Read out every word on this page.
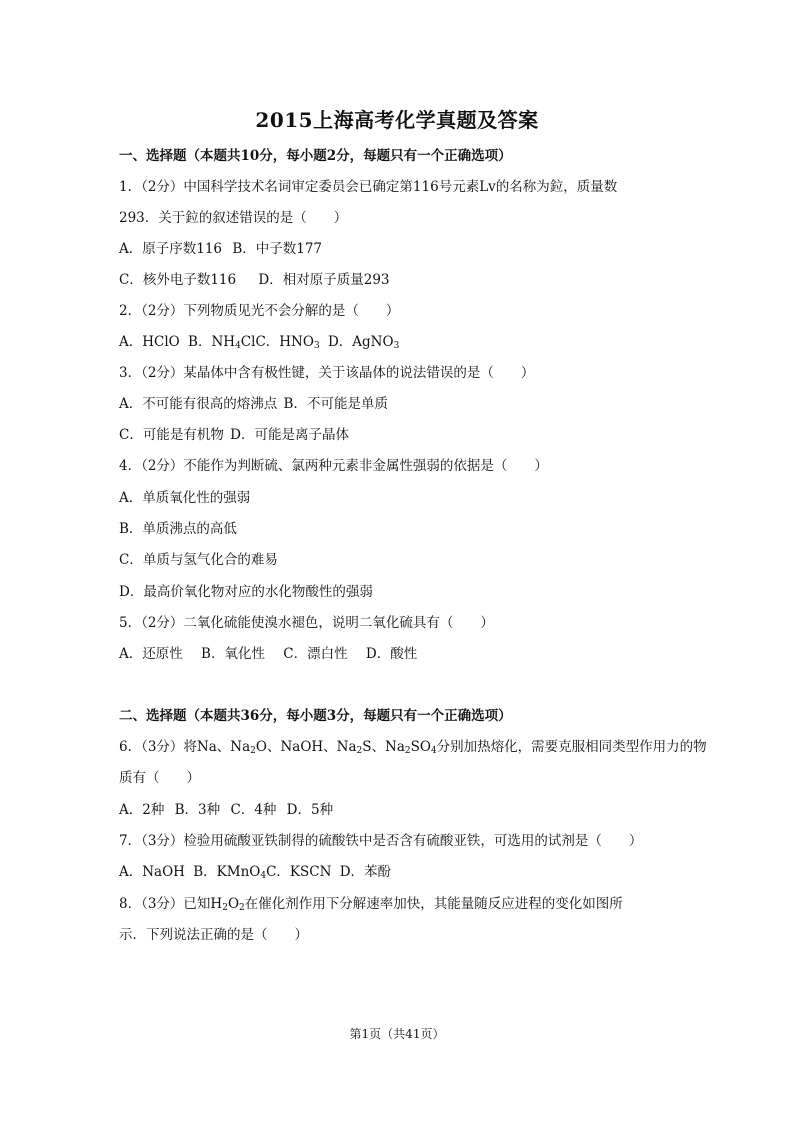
2015上海高考化学真题及答案
一、选择题（本题共10分，每小题2分，每题只有一个正确选项）
1．（2分）中国科学技术名词审定委员会已确定第116号元素Lv的名称为鉝，质量数
293．关于鉝的叙述错误的是（　　）
A．原子序数116 B．中子数177
C．核外电子数116 D．相对原子质量293
2．（2分）下列物质见光不会分解的是（　　）
A．HClO B．$NH_4ClC$．$HNO_3$ D．AgNO$_3$
3．（2分）某晶体中含有极性键，关于该晶体的说法错误的是（　　）
A．不可能有很高的熔沸点 B．不可能是单质
C．可能是有机物 D．可能是离子晶体
4．（2分）不能作为判断硫、氯两种元素非金属性强弱的依据是（　　）
A．单质氧化性的强弱
B．单质沸点的高低
C．单质与氢气化合的难易
D．最高价氧化物对应的水化物酸性的强弱
5．（2分）二氧化硫能使溴水褪色，说明二氧化硫具有（　　）
A．还原性 B．氧化性 C．漂白性 D．酸性
二、选择题（本题共36分，每小题3分，每题只有一个正确选项）
6．（3分）将Na、$Na_2O$、NaOH、$Na_2S$、$Na_2SO_4$分别加热熔化，需要克服相同类型作用力的物
质有（　　）
A．2种 B．3种 C．4种 D．5种
7．（3分）检验用硫酸亚铁制得的硫酸铁中是否含有硫酸亚铁，可选用的试剂是（　　）
A．NaOH B．KMnO$_4$C．KSCN D．苯酚
8．（3分）已知$H_2O_2$在催化剂作用下分解速率加快，其能量随反应进程的变化如图所
示．下列说法正确的是（　　）
第1页（共41页）
